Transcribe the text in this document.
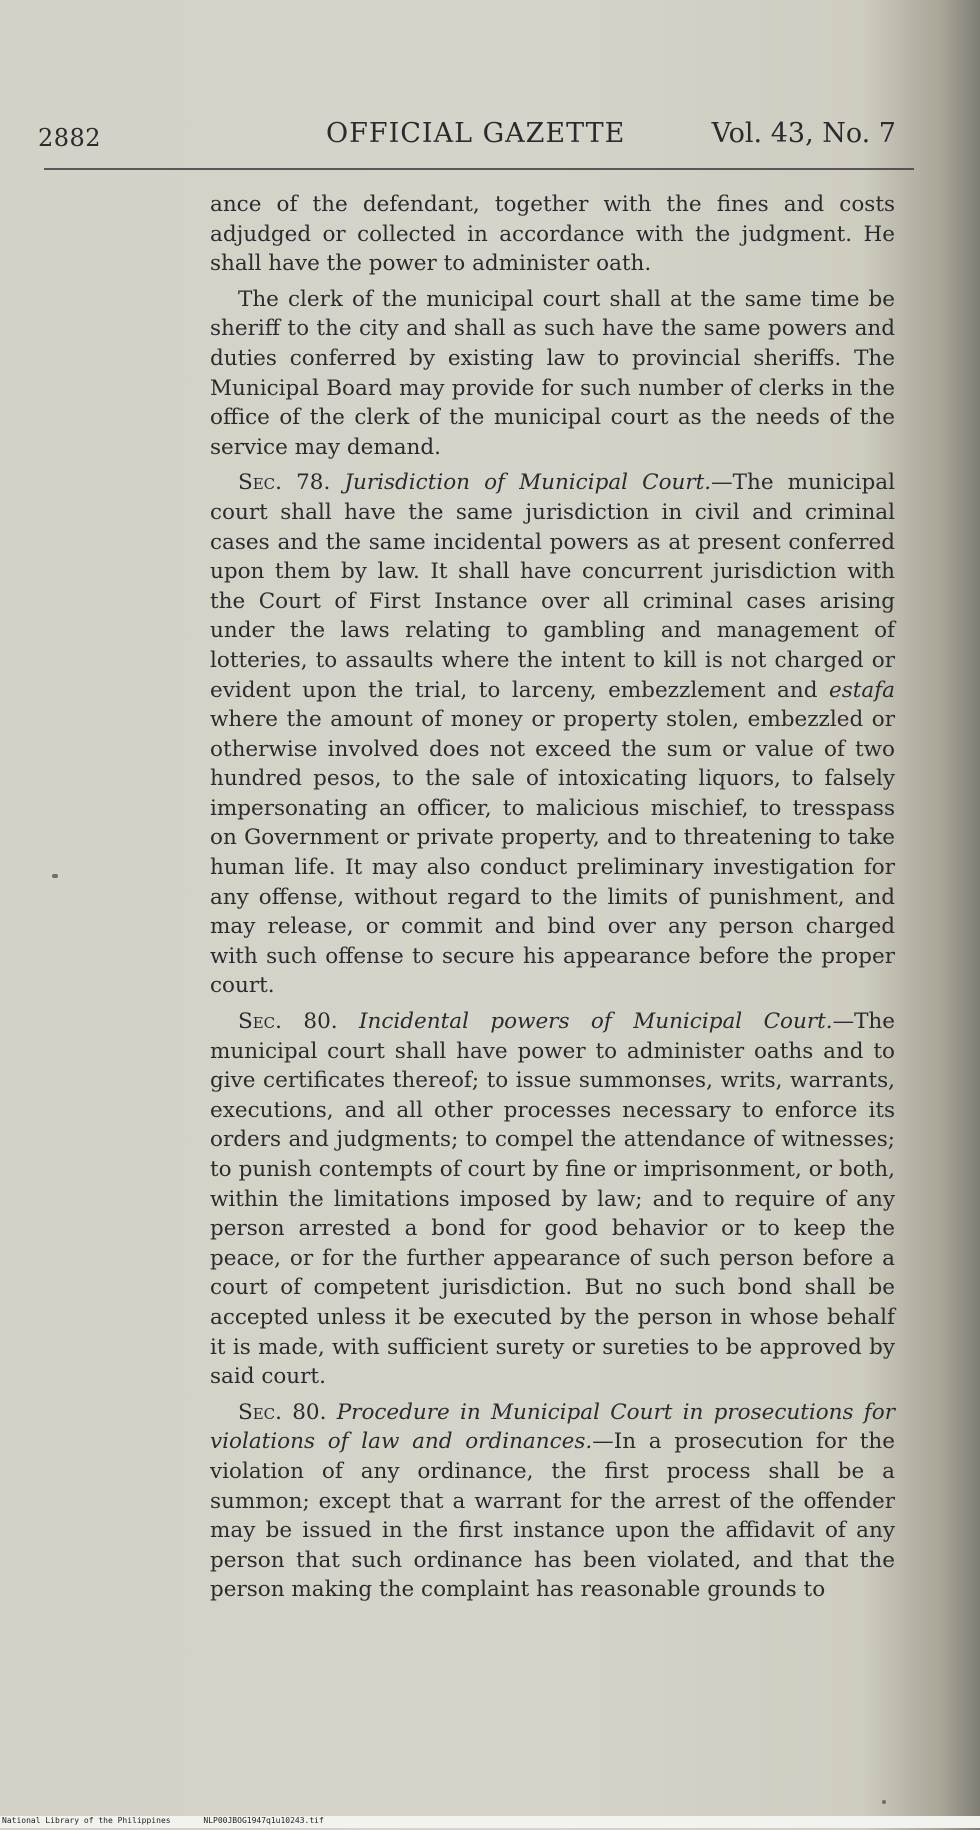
2882	OFFICIAL GAZETTE	Vol. 43, No. 7

ance of the defendant, together with the fines and costs adjudged or collected in accordance with the judgment. He shall have the power to administer oath.

The clerk of the municipal court shall at the same time be sheriff to the city and shall as such have the same powers and duties conferred by existing law to provincial sheriffs. The Municipal Board may provide for such number of clerks in the office of the clerk of the municipal court as the needs of the service may demand.

Sec. 78. Jurisdiction of Municipal Court.—The municipal court shall have the same jurisdiction in civil and criminal cases and the same incidental powers as at present conferred upon them by law. It shall have concurrent jurisdiction with the Court of First Instance over all criminal cases arising under the laws relating to gambling and management of lotteries, to assaults where the intent to kill is not charged or evident upon the trial, to larceny, embezzlement and estafa where the amount of money or property stolen, embezzled or otherwise involved does not exceed the sum or value of two hundred pesos, to the sale of intoxicating liquors, to falsely impersonating an officer, to malicious mischief, to tresspass on Government or private property, and to threatening to take human life. It may also conduct preliminary investigation for any offense, without regard to the limits of punishment, and may release, or commit and bind over any person charged with such offense to secure his appearance before the proper court.

Sec. 80. Incidental powers of Municipal Court.—The municipal court shall have power to administer oaths and to give certificates thereof; to issue summonses, writs, warrants, executions, and all other processes necessary to enforce its orders and judgments; to compel the attendance of witnesses; to punish contempts of court by fine or imprisonment, or both, within the limitations imposed by law; and to require of any person arrested a bond for good behavior or to keep the peace, or for the further appearance of such person before a court of competent jurisdiction. But no such bond shall be accepted unless it be executed by the person in whose behalf it is made, with sufficient surety or sureties to be approved by said court.

Sec. 80. Procedure in Municipal Court in prosecutions for violations of law and ordinances.—In a prosecution for the violation of any ordinance, the first process shall be a summon; except that a warrant for the arrest of the offender may be issued in the first instance upon the affidavit of any person that such ordinance has been violated, and that the person making the complaint has reasonable grounds to

National Library of the Philippines	NLP00JBOG1947q1u10243.tif
